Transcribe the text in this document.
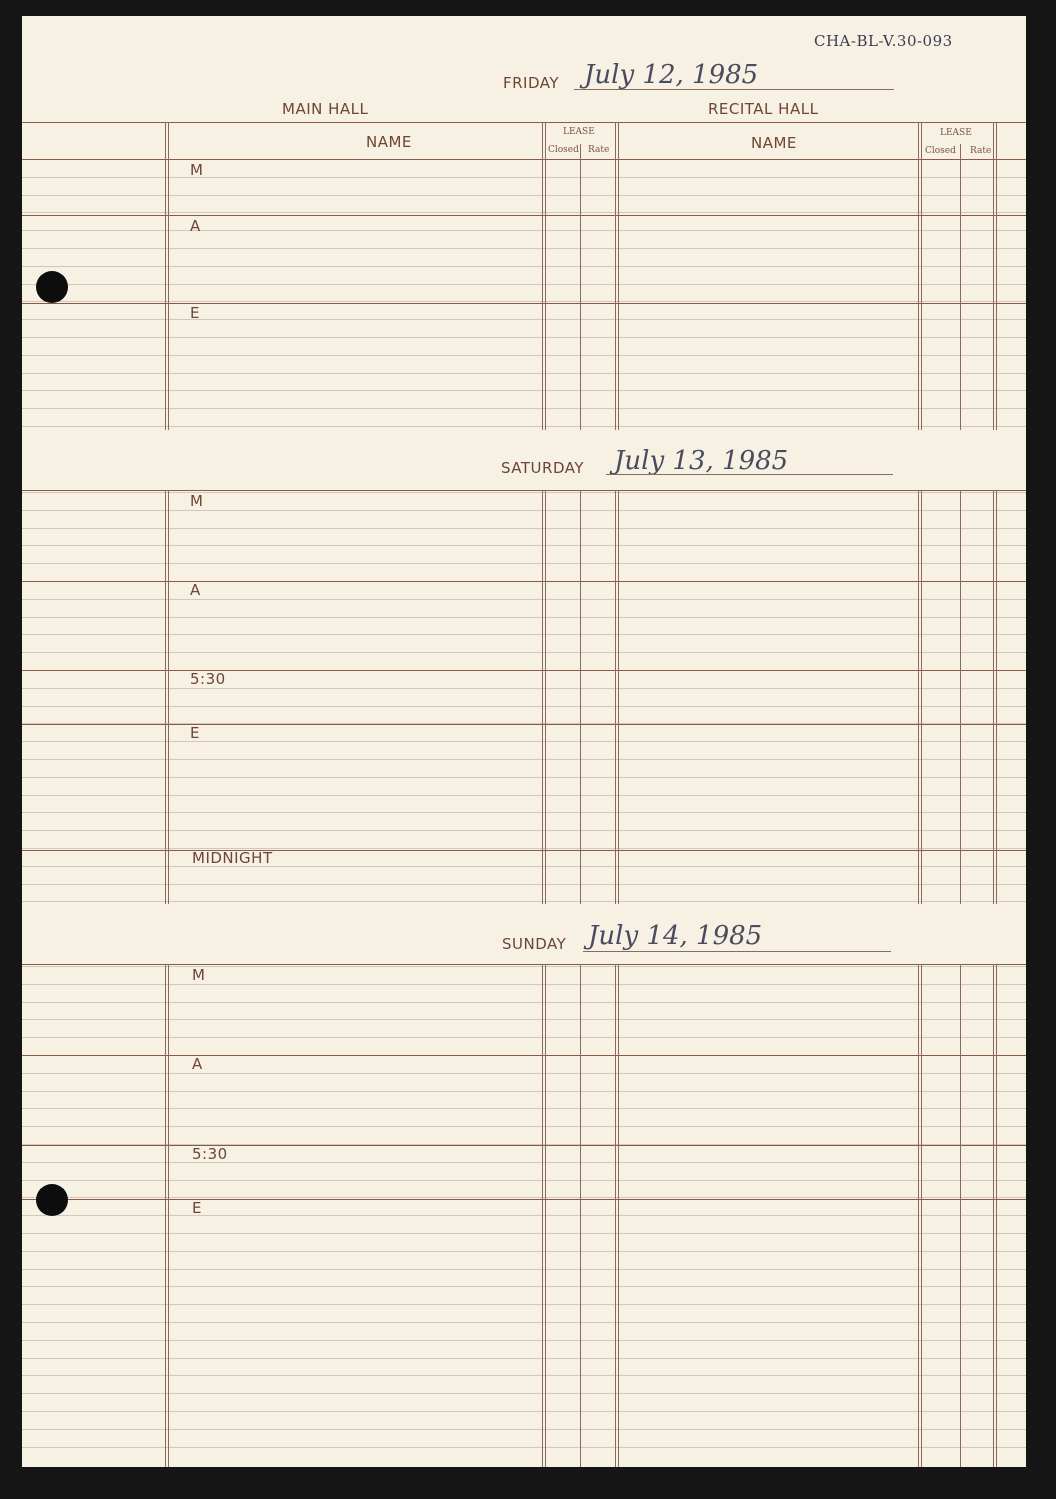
CHA-BL-V.30-093
FRIDAY July 12, 1985
MAIN HALL	RECITAL HALL
NAME
LEASE
Closed Rate	NAME
LEASE
Closed Rate
M
A
E
SATURDAY July 13, 1985
M
A
5:30
E
MIDNIGHT
SUNDAY July 14, 1985
M
A
5:30
E
